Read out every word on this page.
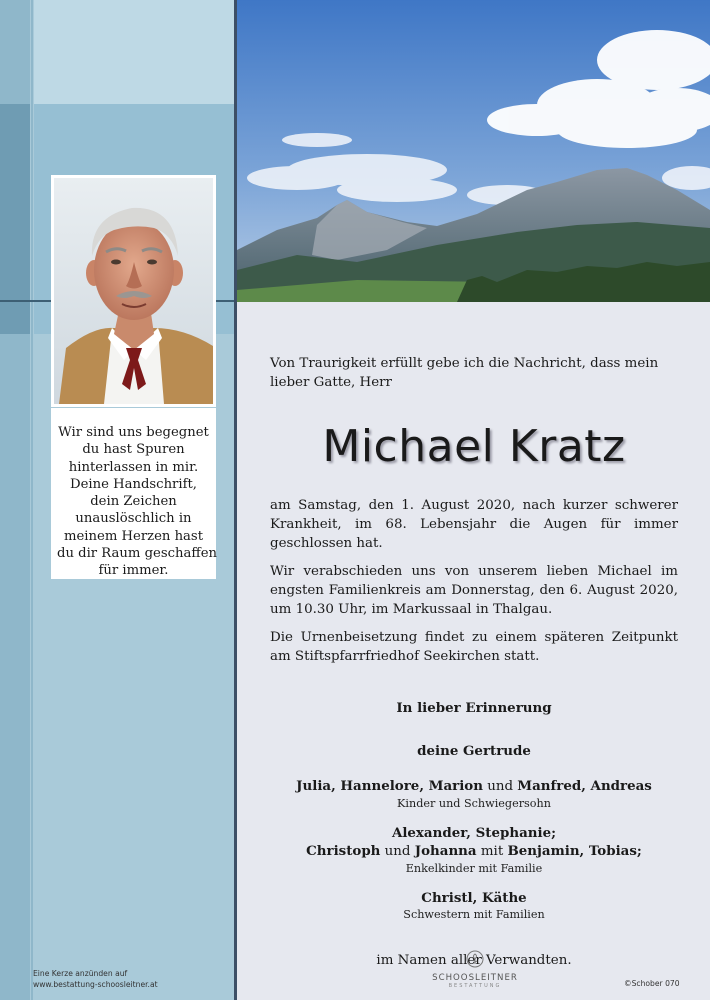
Wir sind uns begegnet
du hast Spuren
hinterlassen in mir.
Deine Handschrift,
dein Zeichen
unauslöschlich in
meinem Herzen hast
du dir Raum geschaffen
für immer.

Von Traurigkeit erfüllt gebe ich die Nachricht, dass mein lieber Gatte, Herr

Michael Kratz

am Samstag, den 1. August 2020, nach kurzer schwerer Krankheit, im 68. Lebensjahr die Augen für immer geschlossen hat.

Wir verabschieden uns von unserem lieben Michael im engsten Familienkreis am Donnerstag, den 6. August 2020, um 10.30 Uhr, im Markussaal in Thalgau.

Die Urnenbeisetzung findet zu einem späteren Zeitpunkt am Stiftspfarrfriedhof Seekirchen statt.

In lieber Erinnerung

deine Gertrude

Julia, Hannelore, Marion und Manfred, Andreas
Kinder und Schwiegersohn
Alexander, Stephanie;
Christoph und Johanna mit Benjamin, Tobias;
Enkelkinder mit Familie
Christl, Käthe
Schwestern mit Familien
im Namen aller Verwandten.
Eine Kerze anzünden auf
www.bestattung-schoosleitner.at
SCHOOSLEITNER
BESTATTUNG	©Schober 070
